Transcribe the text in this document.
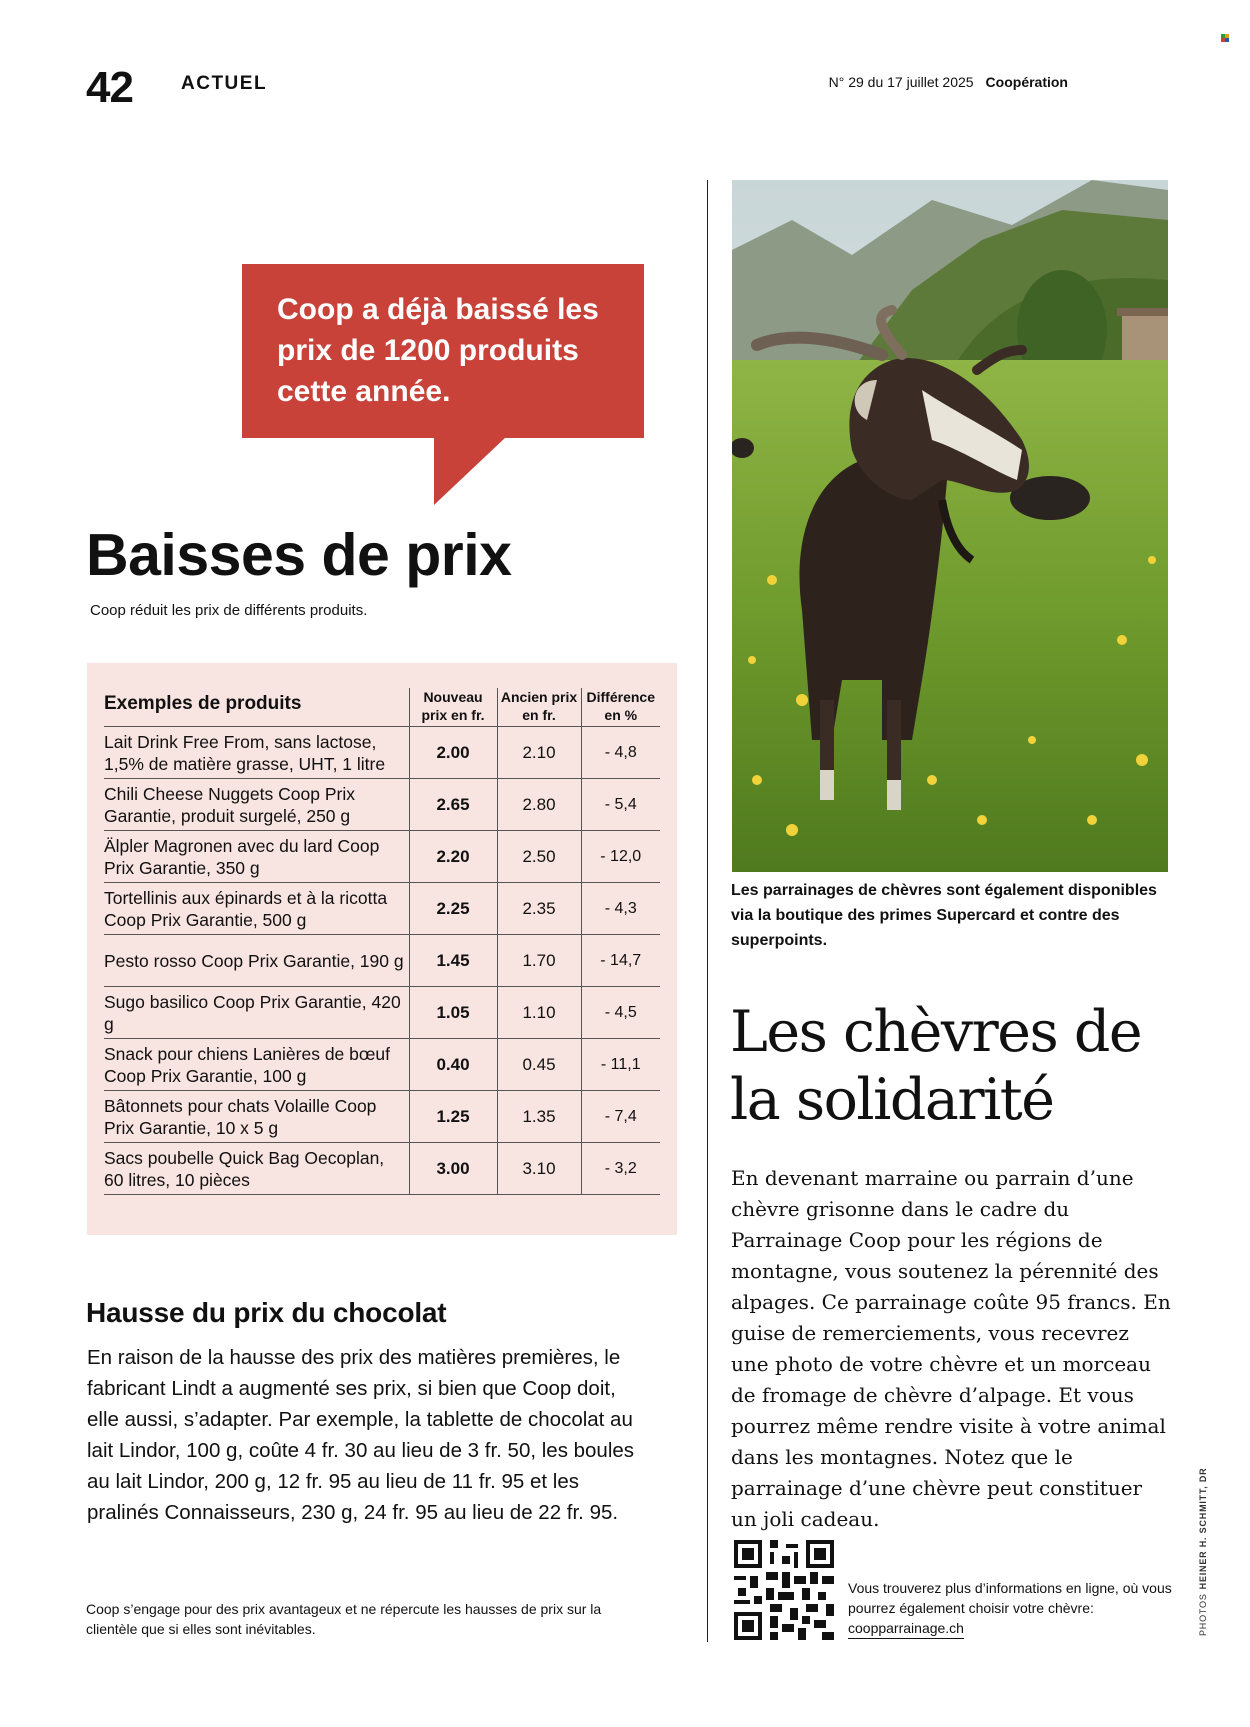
42	ACTUEL	N° 29 du 17 juillet 2025 Coopération
Coop a déjà baissé les prix de 1200 produits cette année.
Baisses de prix
Coop réduit les prix de différents produits.
Exemples de produits	Nouveau prix en fr.	Ancien prix en fr.	Différence en %
Lait Drink Free From, sans lactose, 1,5% de matière grasse, UHT, 1 litre	2.00	2.10	- 4,8
Chili Cheese Nuggets Coop Prix Garantie, produit surgelé, 250 g	2.65	2.80	- 5,4
Älpler Magronen avec du lard Coop Prix Garantie, 350 g	2.20	2.50	- 12,0
Tortellinis aux épinards et à la ricotta Coop Prix Garantie, 500 g	2.25	2.35	- 4,3
Pesto rosso Coop Prix Garantie, 190 g	1.45	1.70	- 14,7
Sugo basilico Coop Prix Garantie, 420 g	1.05	1.10	- 4,5
Snack pour chiens Lanières de bœuf Coop Prix Garantie, 100 g	0.40	0.45	- 11,1
Bâtonnets pour chats Volaille Coop Prix Garantie, 10 x 5 g	1.25	1.35	- 7,4
Sacs poubelle Quick Bag Oecoplan, 60 litres, 10 pièces	3.00	3.10	- 3,2
Hausse du prix du chocolat
En raison de la hausse des prix des matières premières, le fabricant Lindt a augmenté ses prix, si bien que Coop doit, elle aussi, s’adapter. Par exemple, la tablette de chocolat au lait Lindor, 100 g, coûte 4 fr. 30 au lieu de 3 fr. 50, les boules au lait Lindor, 200 g, 12 fr. 95 au lieu de 11 fr. 95 et les pralinés Connaisseurs, 230 g, 24 fr. 95 au lieu de 22 fr. 95.
Coop s’engage pour des prix avantageux et ne répercute les hausses de prix sur la clientèle que si elles sont inévitables.
Les parrainages de chèvres sont également disponibles via la boutique des primes Supercard et contre des superpoints.
Les chèvres de la solidarité
En devenant marraine ou parrain d’une chèvre grisonne dans le cadre du Parrainage Coop pour les régions de montagne, vous soutenez la pérennité des alpages. Ce parrainage coûte 95 francs. En guise de remerciements, vous recevrez une photo de votre chèvre et un morceau de fromage de chèvre d’alpage. Et vous pourrez même rendre visite à votre animal dans les montagnes. Notez que le parrainage d’une chèvre peut constituer un joli cadeau.
Vous trouverez plus d’informations en ligne, où vous pourrez également choisir votre chèvre:
coopparrainage.ch	PHOTOSHEINER H. SCHMITT, DR
